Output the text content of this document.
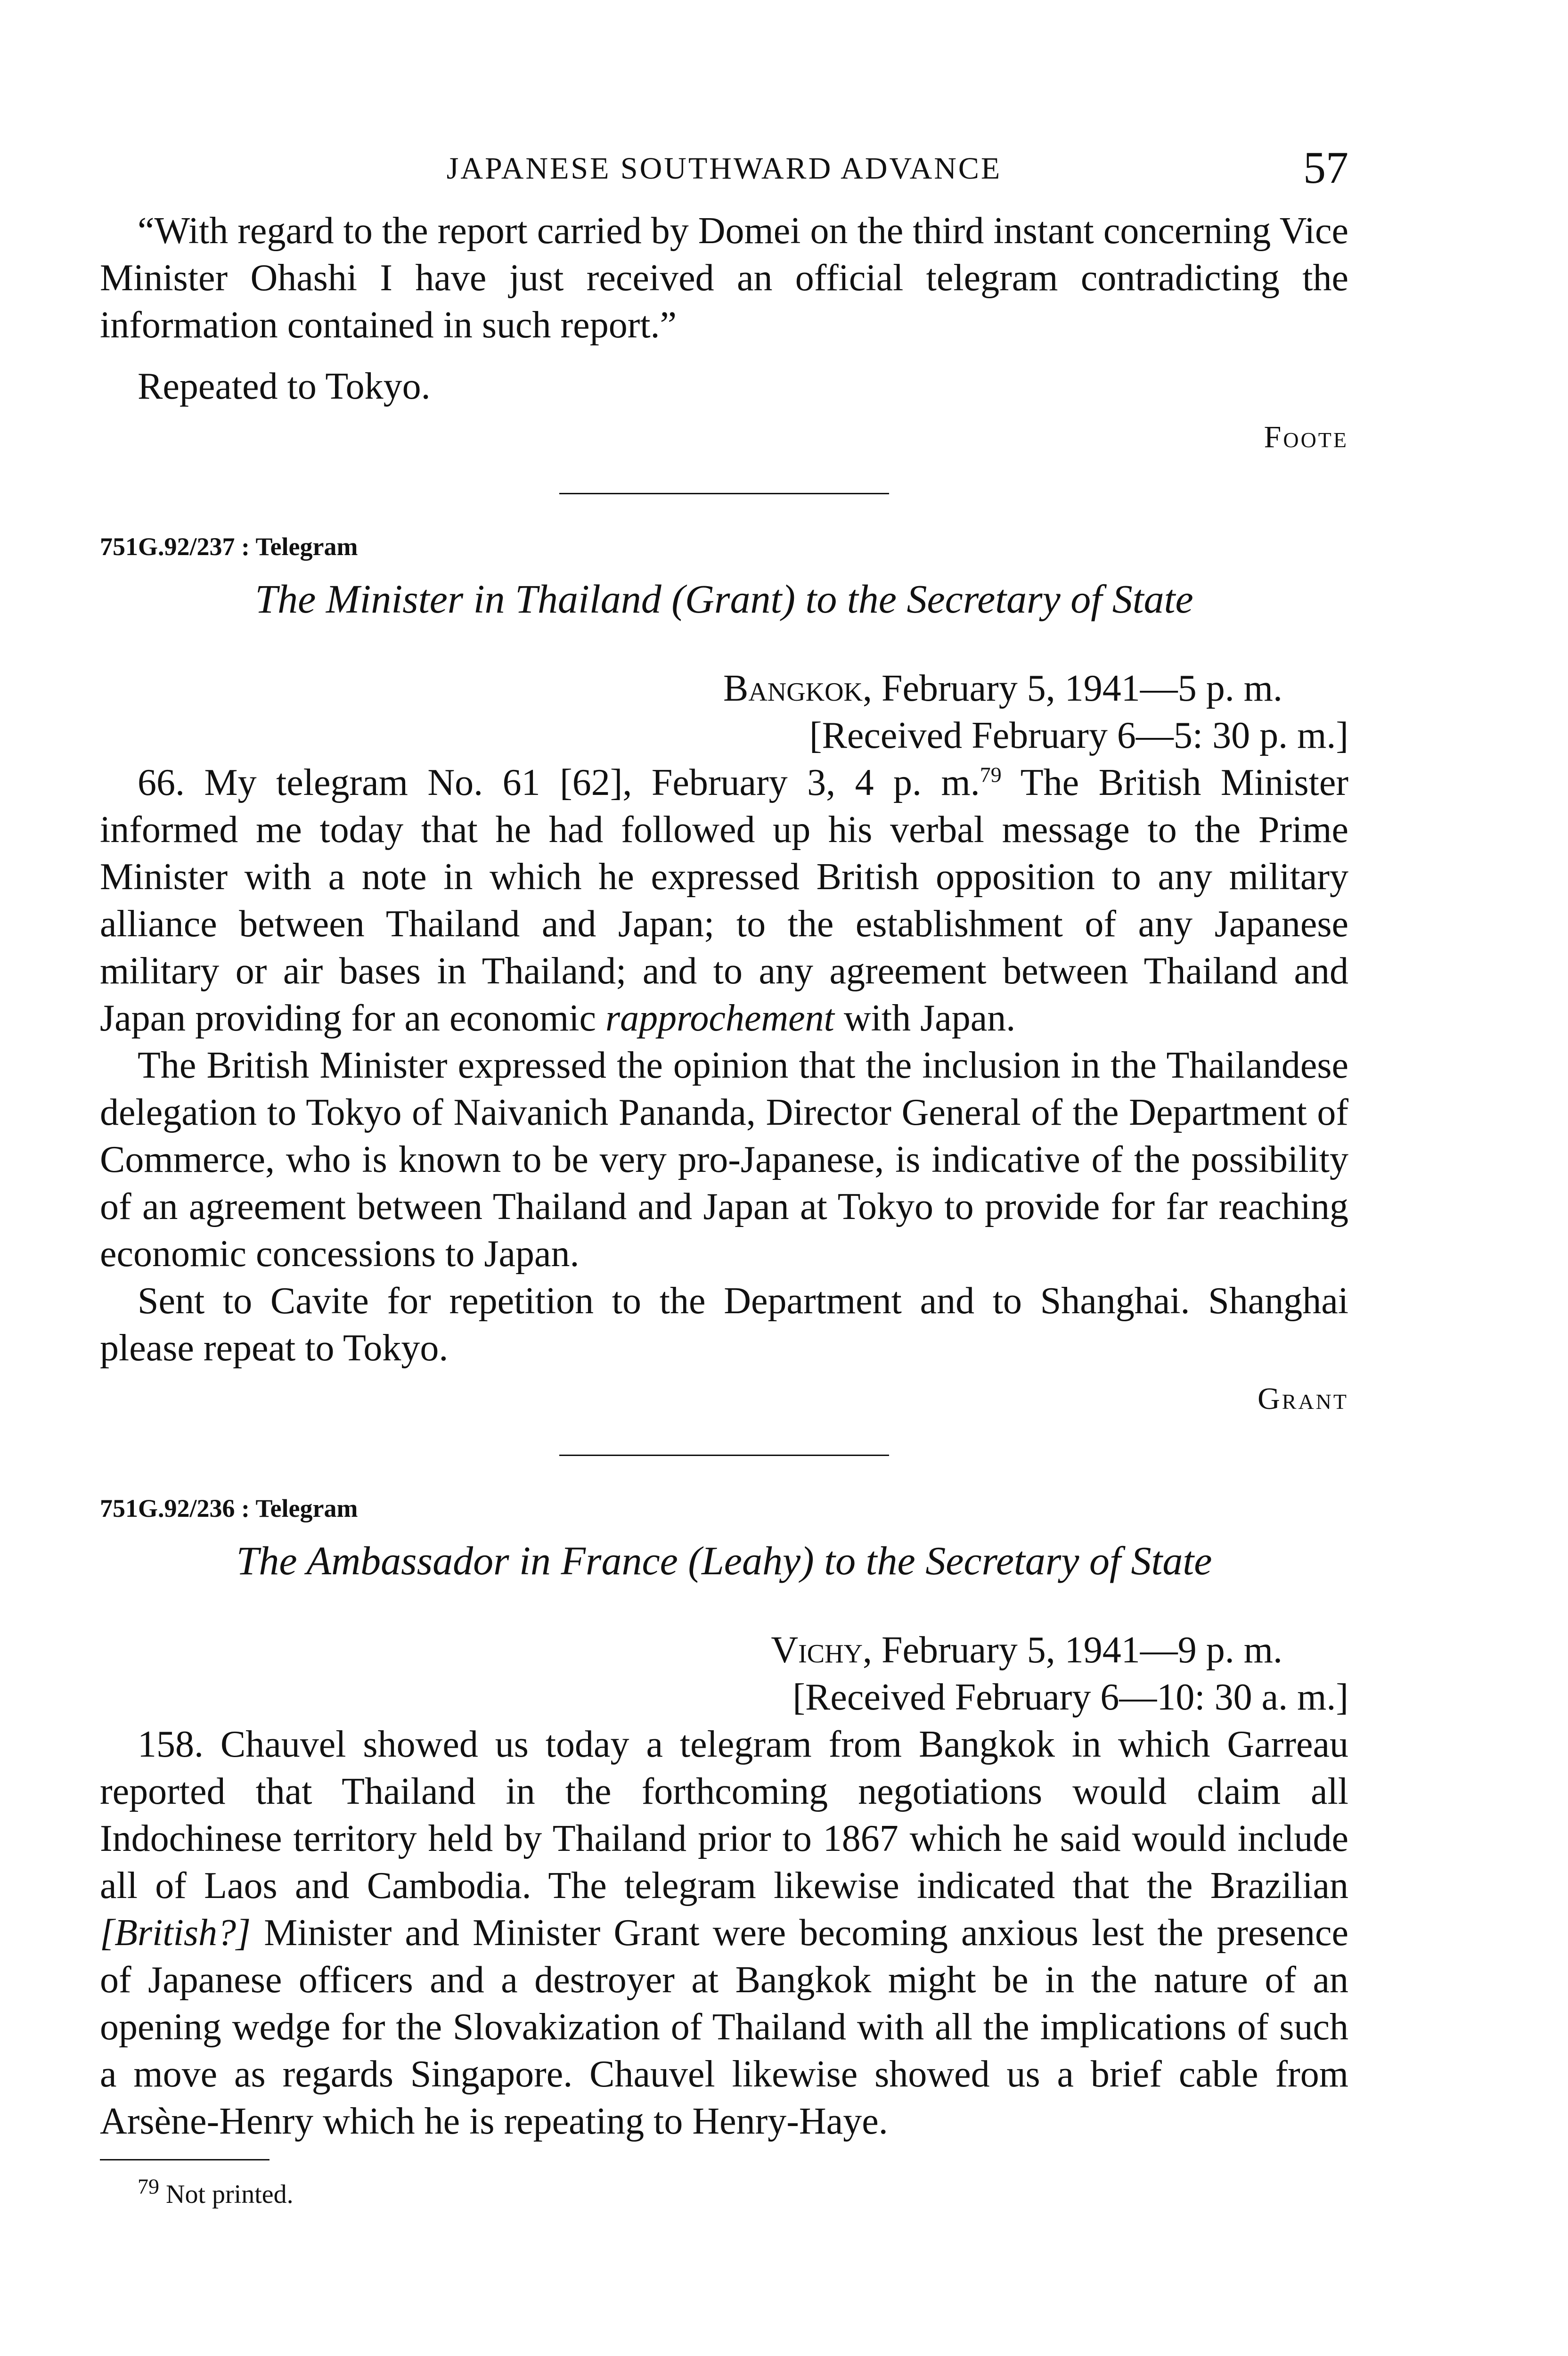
JAPANESE SOUTHWARD ADVANCE	57

“With regard to the report carried by Domei on the third instant concerning Vice Minister Ohashi I have just received an official telegram contradicting the information contained in such report.”

Repeated to Tokyo.

Foote
751G.92/237 : Telegram
The Minister in Thailand (Grant) to the Secretary of State
Bangkok, February 5, 1941—5 p. m.
[Received February 6—5: 30 p. m.]

66. My telegram No. 61 [62], February 3, 4 p. m.$^{79}$ The British Minister informed me today that he had followed up his verbal message to the Prime Minister with a note in which he expressed British opposition to any military alliance between Thailand and Japan; to the establishment of any Japanese military or air bases in Thailand; and to any agreement between Thailand and Japan providing for an economic rapprochement with Japan.

The British Minister expressed the opinion that the inclusion in the Thailandese delegation to Tokyo of Naivanich Pananda, Director General of the Department of Commerce, who is known to be very pro-Japanese, is indicative of the possibility of an agreement between Thailand and Japan at Tokyo to provide for far reaching economic concessions to Japan.

Sent to Cavite for repetition to the Department and to Shanghai. Shanghai please repeat to Tokyo.

Grant
751G.92/236 : Telegram
The Ambassador in France (Leahy) to the Secretary of State
Vichy, February 5, 1941—9 p. m.
[Received February 6—10: 30 a. m.]

158. Chauvel showed us today a telegram from Bangkok in which Garreau reported that Thailand in the forthcoming negotiations would claim all Indochinese territory held by Thailand prior to 1867 which he said would include all of Laos and Cambodia. The telegram likewise indicated that the Brazilian [British?] Minister and Minister Grant were becoming anxious lest the presence of Japanese officers and a destroyer at Bangkok might be in the nature of an opening wedge for the Slovakization of Thailand with all the implications of such a move as regards Singapore. Chauvel likewise showed us a brief cable from Arsène-Henry which he is repeating to Henry-Haye.

$^{79}$ Not printed.
